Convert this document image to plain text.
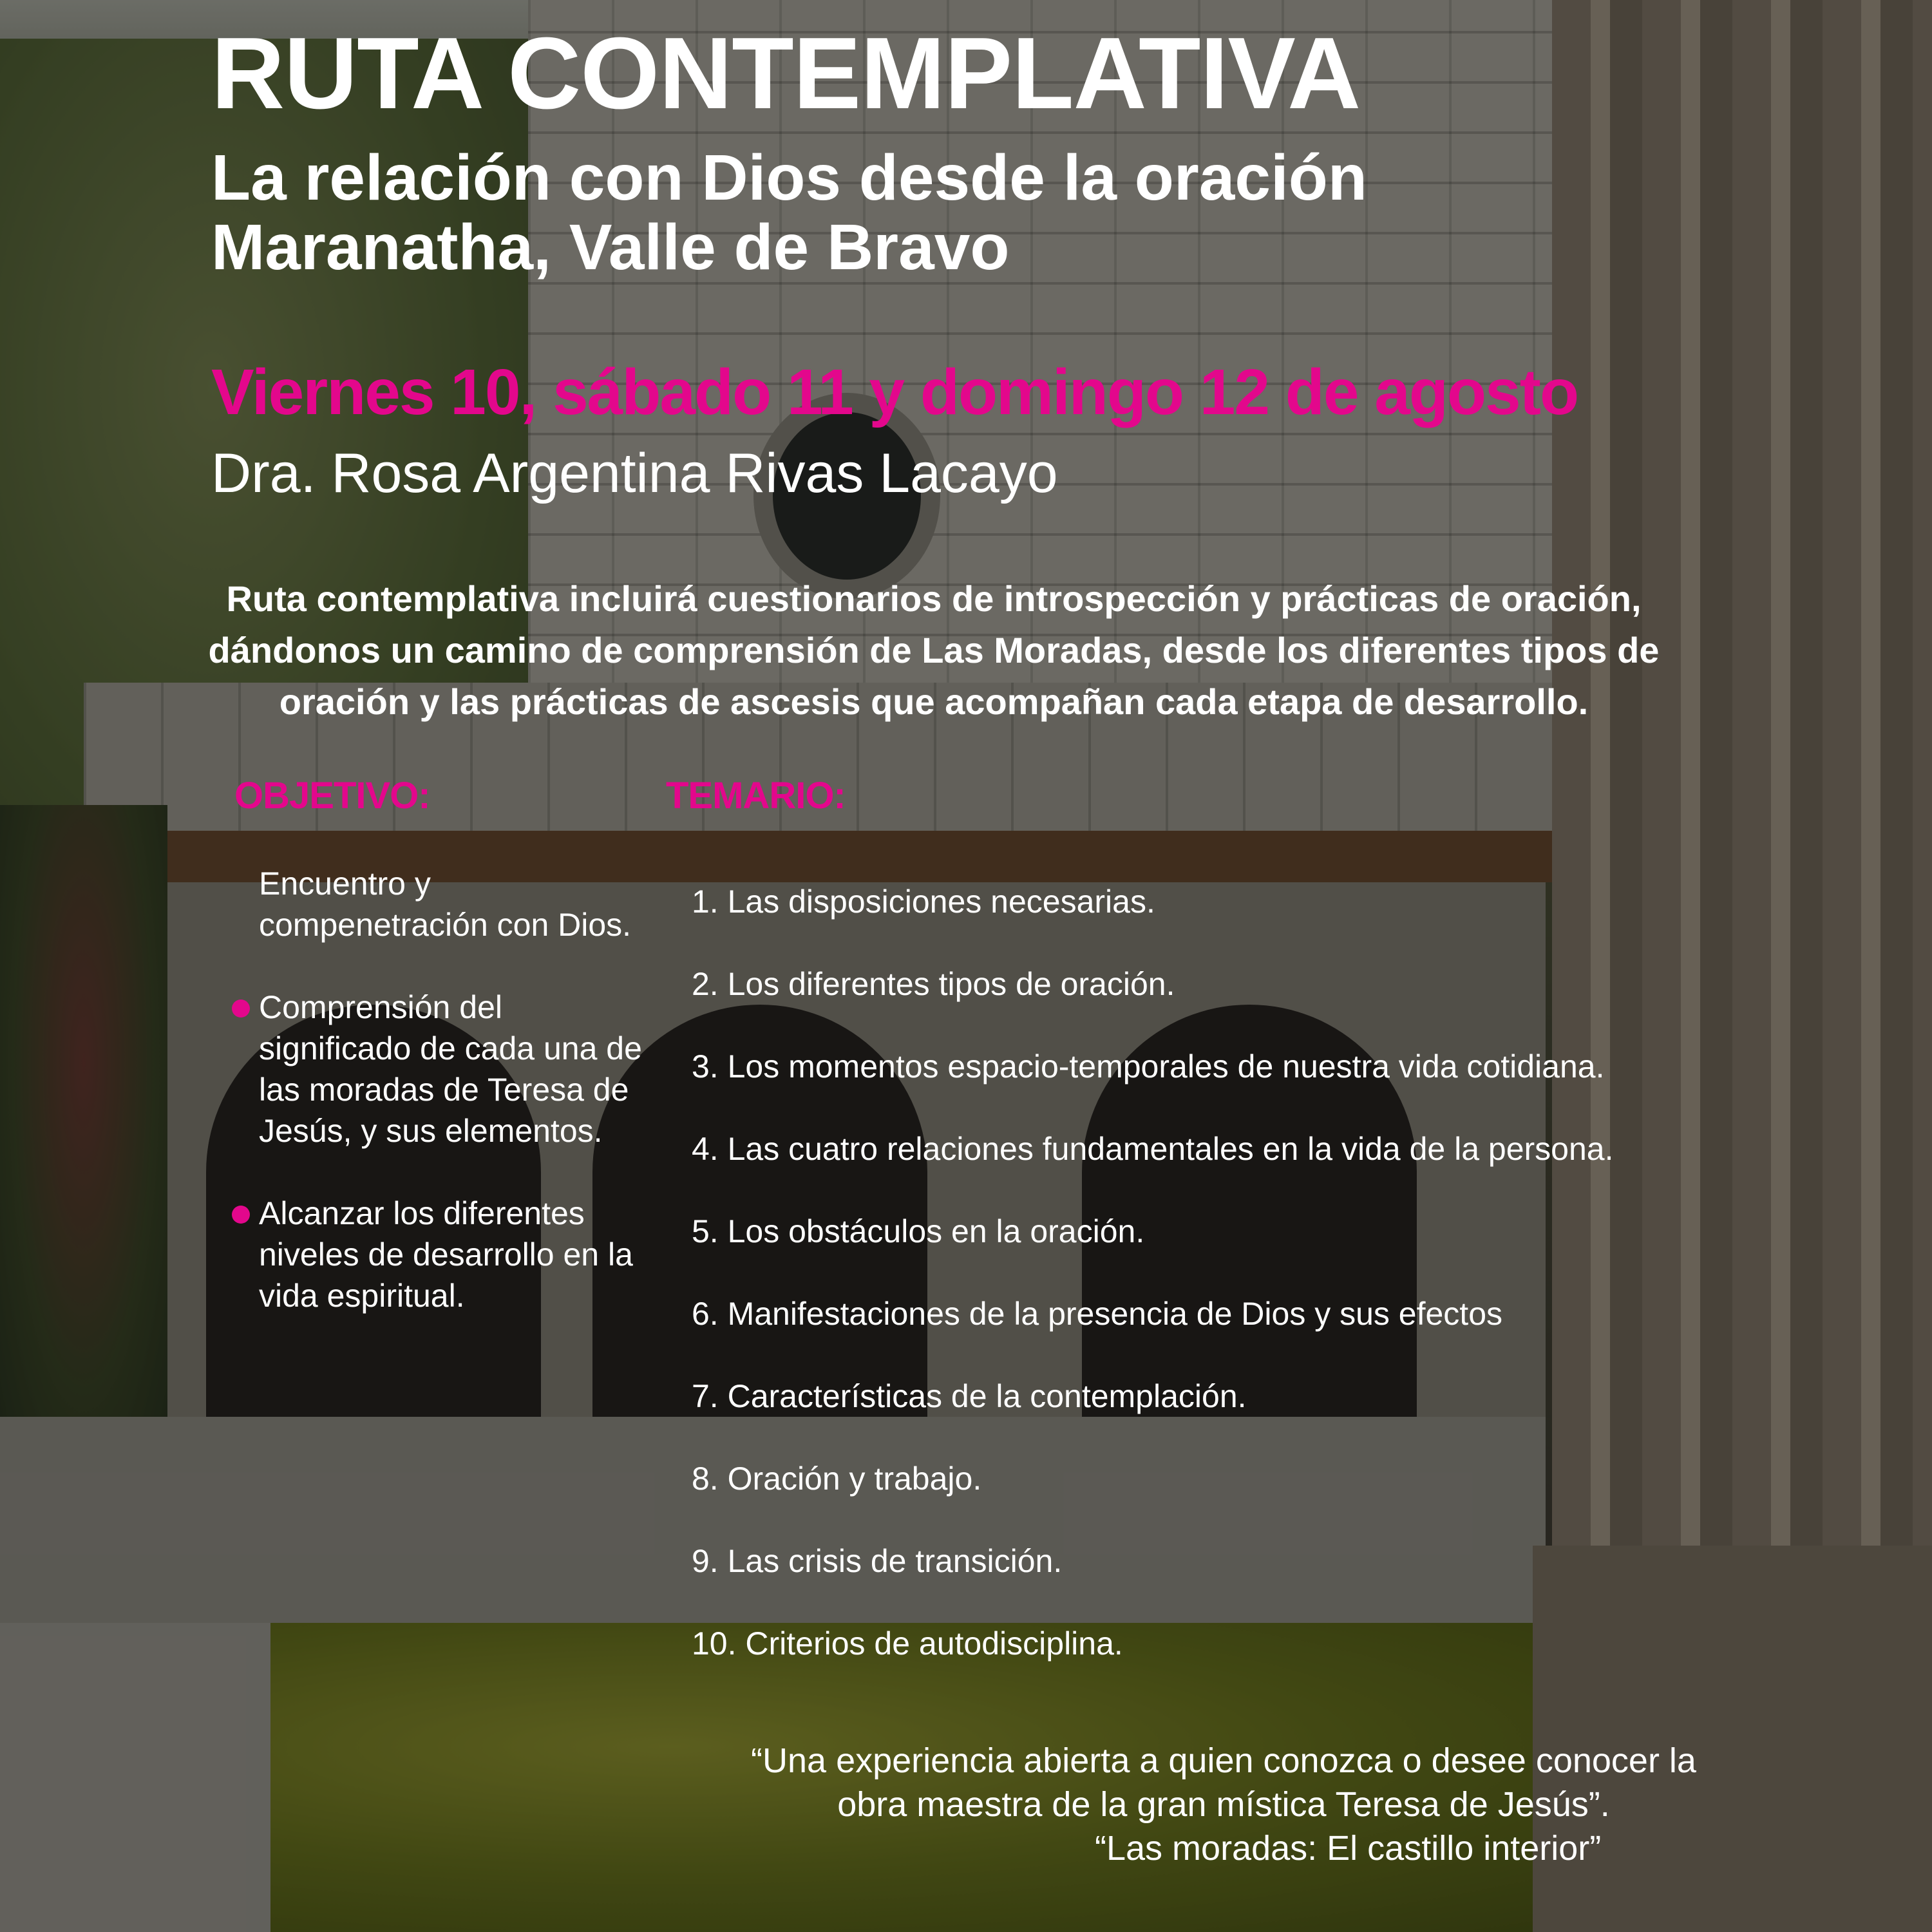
RUTA CONTEMPLATIVA
La relación con Dios desde la oración
Maranatha, Valle de Bravo

Viernes 10, sábado 11 y domingo 12 de agosto

Dra. Rosa Argentina Rivas Lacayo

Ruta contemplativa incluirá cuestionarios de introspección y prácticas de oración, dándonos un camino de comprensión de Las Moradas, desde los diferentes tipos de oración y las prácticas de ascesis que acompañan cada etapa de desarrollo.

OBJETIVO:	TEMARIO:
Encuentro y compenetración con Dios.
Comprensión del significado de cada una de las moradas de Teresa de Jesús, y sus elementos.
Alcanzar los diferentes niveles de desarrollo en la vida espiritual.
1. Las disposiciones necesarias.
2. Los diferentes tipos de oración.
3. Los momentos espacio-temporales de nuestra vida cotidiana.
4. Las cuatro relaciones fundamentales en la vida de la persona.
5. Los obstáculos en la oración.
6. Manifestaciones de la presencia de Dios y sus efectos
7. Características de la contemplación.
8. Oración y trabajo.
9. Las crisis de transición.
10. Criterios de autodisciplina.

“Una experiencia abierta a quien conozca o desee conocer la

obra maestra de la gran mística Teresa de Jesús”.

“Las moradas: El castillo interior”
